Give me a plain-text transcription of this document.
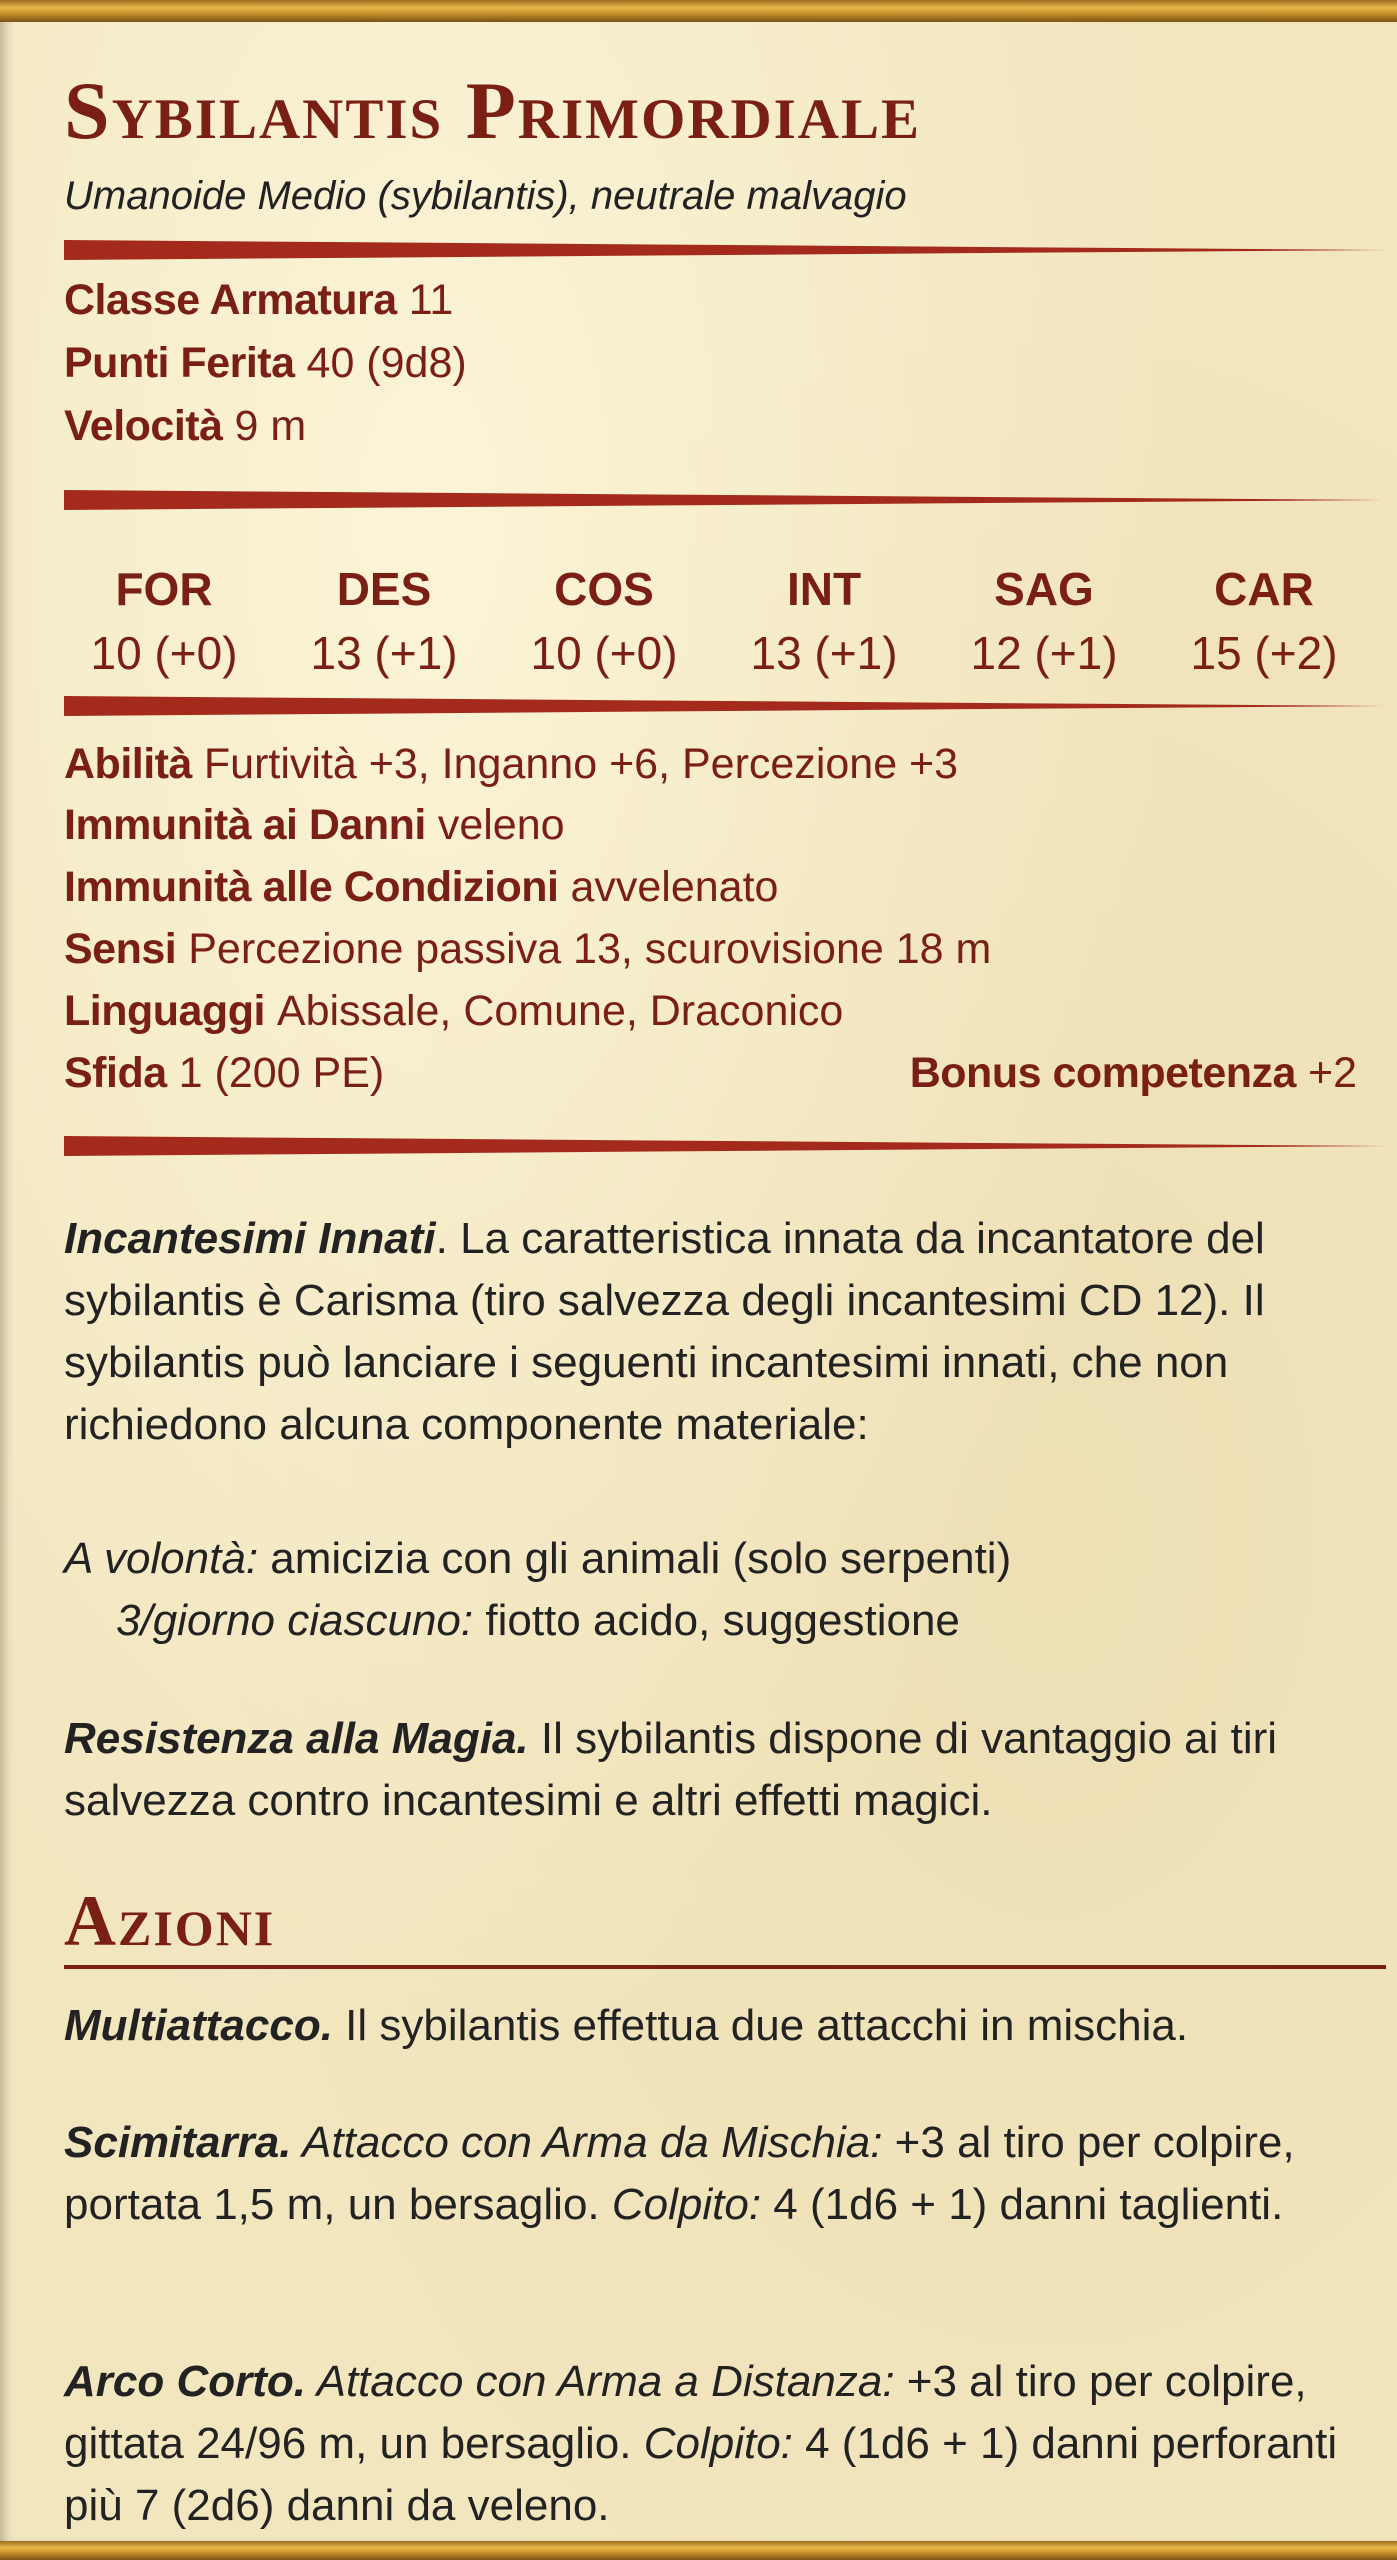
Sybilantis Primordiale
Umanoide Medio (sybilantis), neutrale malvagio
Classe Armatura 11
Punti Ferita 40 (9d8)
Velocità 9 m
FOR
10 (+0)
DES
13 (+1)
COS
10 (+0)
INT
13 (+1)
SAG
12 (+1)
CAR
15 (+2)
Abilità Furtività +3, Inganno +6, Percezione +3
Immunità ai Danni veleno
Immunità alle Condizioni avvelenato
Sensi Percezione passiva 13, scurovisione 18 m
Linguaggi Abissale, Comune, Draconico
Sfida 1 (200 PE)	Bonus competenza +2
Incantesimi Innati. La caratteristica innata da incantatore del sybilantis è Carisma (tiro salvezza degli incantesimi CD 12). Il sybilantis può lanciare i seguenti incantesimi innati, che non richiedono alcuna componente materiale:
A volontà: amicizia con gli animali (solo serpenti)
3/giorno ciascuno: fiotto acido, suggestione
Resistenza alla Magia. Il sybilantis dispone di vantaggio ai tiri salvezza contro incantesimi e altri effetti magici.
Azioni
Multiattacco. Il sybilantis effettua due attacchi in mischia.
Scimitarra. Attacco con Arma da Mischia: +3 al tiro per colpire, portata 1,5 m, un bersaglio. Colpito: 4 (1d6 + 1) danni taglienti.
Arco Corto. Attacco con Arma a Distanza: +3 al tiro per colpire, gittata 24/96 m, un bersaglio. Colpito: 4 (1d6 + 1) danni perforanti più 7 (2d6) danni da veleno.
